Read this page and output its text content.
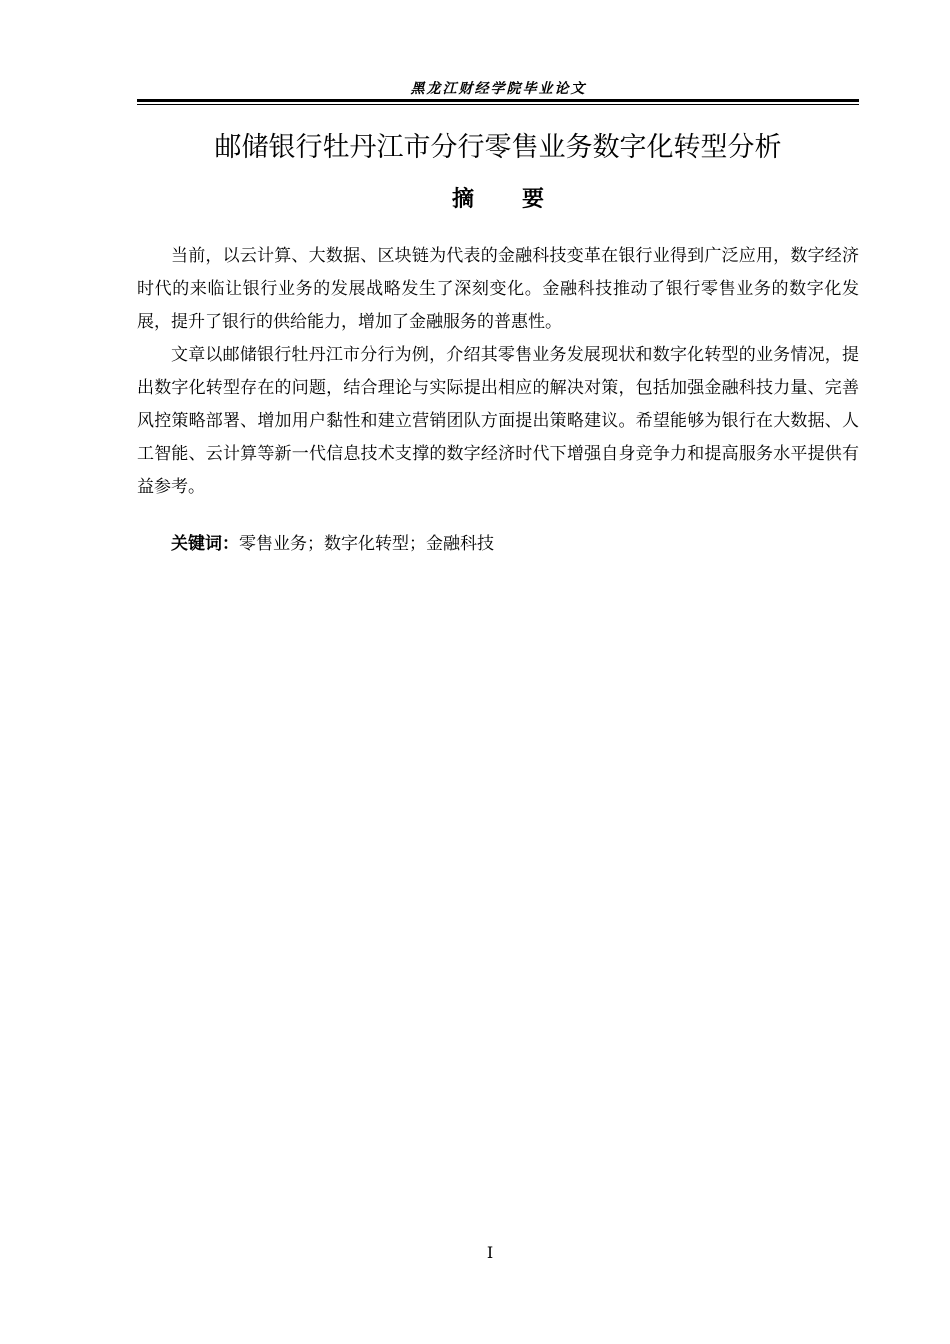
黑龙江财经学院毕业论文
邮储银行牡丹江市分行零售业务数字化转型分析
摘要

当前，以云计算、大数据、区块链为代表的金融科技变革在银行业得到广泛应用，数字经济时代的来临让银行业务的发展战略发生了深刻变化。金融科技推动了银行零售业务的数字化发展，提升了银行的供给能力，增加了金融服务的普惠性。

文章以邮储银行牡丹江市分行为例，介绍其零售业务发展现状和数字化转型的业务情况，提出数字化转型存在的问题，结合理论与实际提出相应的解决对策，包括加强金融科技力量、完善风控策略部署、增加用户黏性和建立营销团队方面提出策略建议。希望能够为银行在大数据、人工智能、云计算等新一代信息技术支撑的数字经济时代下增强自身竞争力和提高服务水平提供有益参考。

关键词：零售业务；数字化转型；金融科技
I
